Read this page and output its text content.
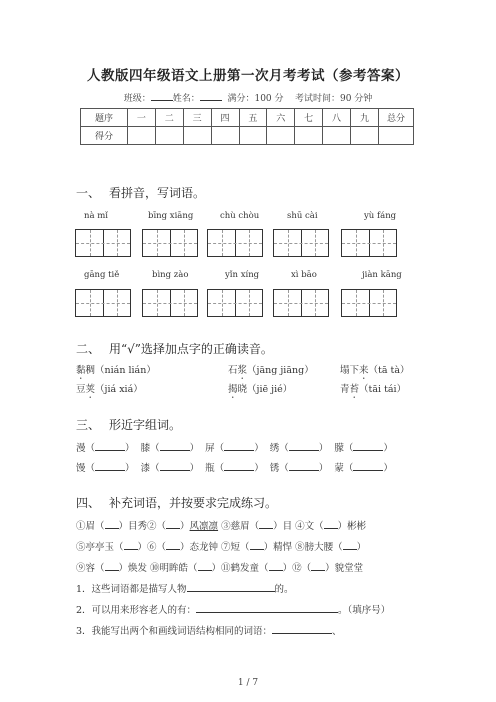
人教版四年级语文上册第一次月考考试（参考答案）
班级： 姓名：	满分：100 分 考试时间：90 分钟
题序	一	二	三	四	五	六	七	八	九	总分
得分										
一、 看拼音，写词语。
nà mǐ	bīng xiāng	chù chòu	shū cài	yù fáng
gāng tiě	bìng zào	yǐn xíng	xì bāo	jiàn kāng
二、 用“√”选择加点字的正确读音。
黏稠（nián lián）	石浆（jāng jiāng）	塌下来（tā tà）
豆荚（jiá xiá）	揭晓（jiē jié）	青苔（tāi tái）
三、 形近字组词。
漫（	）  膝（	）  屏（	）  绣（	）  朦（	）
馒（	）  漆（	）  瓶（	）  锈（	）  蒙（	）
四、 补充词语，并按要求完成练习。
①眉（ ）目秀②（ ）风凛凛 ③慈眉（ ）目 ④文（ ）彬彬
⑤亭亭玉（ ）⑥（ ）态龙钟 ⑦短（ ）精悍 ⑧膀大腰（ ）
⑨容（ ）焕发 ⑩明眸皓（ ）⑪鹤发童（ ）⑫（ ）貌堂堂
1．这些词语都是描写人物	的。
2．可以用来形容老人的有：	。（填序号）
3．我能写出两个和画线词语结构相同的词语：	、
1 / 7
